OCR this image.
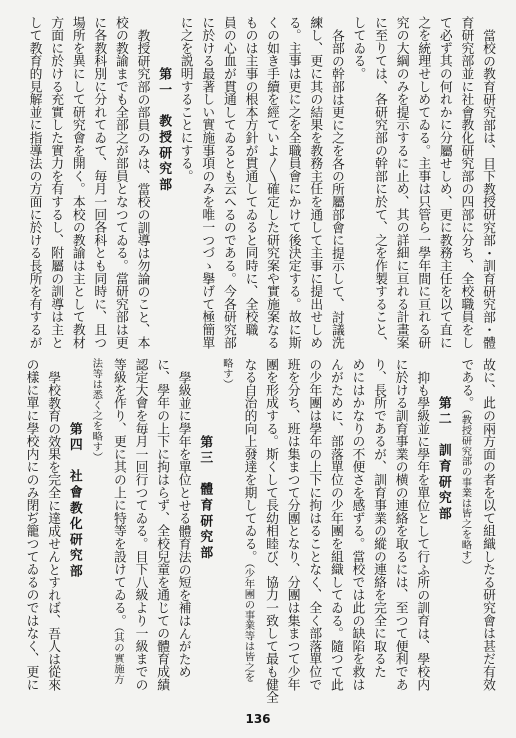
當校の教育研究部は、目下教授研究部・訓育研究部・體
育研究部並に社會教化研究部の四部に分ち、全校職員をし
て必ず其の何れかに分屬せしめ、更に教務主任を以て直に
之を統理せしめてゐる。主事は只管ら一學年間に亘れる研
究の大綱のみを提示するに止め、其の詳細に亘れる計畫案
に至りては、各研究部の幹部に於て、之を作製すること、
してゐる。
各部の幹部は更に之を各の所屬部會に提示して、討議洗
練し、更に其の結果を教務主任を通して主事に提出せしめ
る。主事は更に之を全職員會にかけて後決定する。故に斯
くの如き手續を經ていよ〳〵確定した研究案や實施案なる
ものは主事の根本方針が貫通してゐると同時に、全校職
員の心血が貫通してゐるとも云へるのである。今各研究部
に於ける最著しい實施事項のみを唯一つづゝ擧げて極簡單
に之を説明することにする。
第一　教授研究部
教授研究部の部員のみは、當校の訓導は勿論のこと、本
校の教諭までも全部之が部員となつてゐる。當研究部は更
に各教科別に分れてゐて、毎月一回各科とも同時に、且つ
場所を異にして研究會を開く。本校の教諭は主として教材
方面に於ける充實した實力を有するし、附屬の訓導は主と
して教育的見解並に指導法の方面に於ける長所を有するが
故に、此の兩方面の者を以て組織したる研究會は甚だ有效
である。（教授研究部の事業は皆之を略す）
第二　訓育研究部
抑も學級並に學年を單位として行ふ所の訓育は、學校内
に於ける訓育事業の横の連絡を取るには、至つて便利であ
り、長所であるが、訓育事業の縱の連絡を完全に取るた
めにはかなりの不便さを感ずる。當校では此の缺陷を救は
んがために、部落單位の少年團を組織してゐる。隨つて此
の少年團は學年の上下に拘はることなく、全く部落單位で
班を分ち、班は集まつて分團となり、分團は集まつて少年
團を形成する。斯くして長幼相睦び、協力一致して最も健全
なる自治的向上發達を期してゐる。（少年團の事業等は皆之を
略す）
第三　體育研究部
學級並に學年を單位とせる體育法の短を補はんがため
に、學年の上下に拘はらず、全校兒童を通じての體育成績
認定大會を毎月一回行つてゐる。目下八級より一級までの
等級を作り、更に其の上に特等を設けてゐる。（其の實施方
法等は悉く之を略す）
第四　社會教化研究部
學校教育の效果を完全に達成せんとすれば、吾人は從來
の樣に單に學校内にのみ閉ぢ籠つてゐるのではなく、更に
136
